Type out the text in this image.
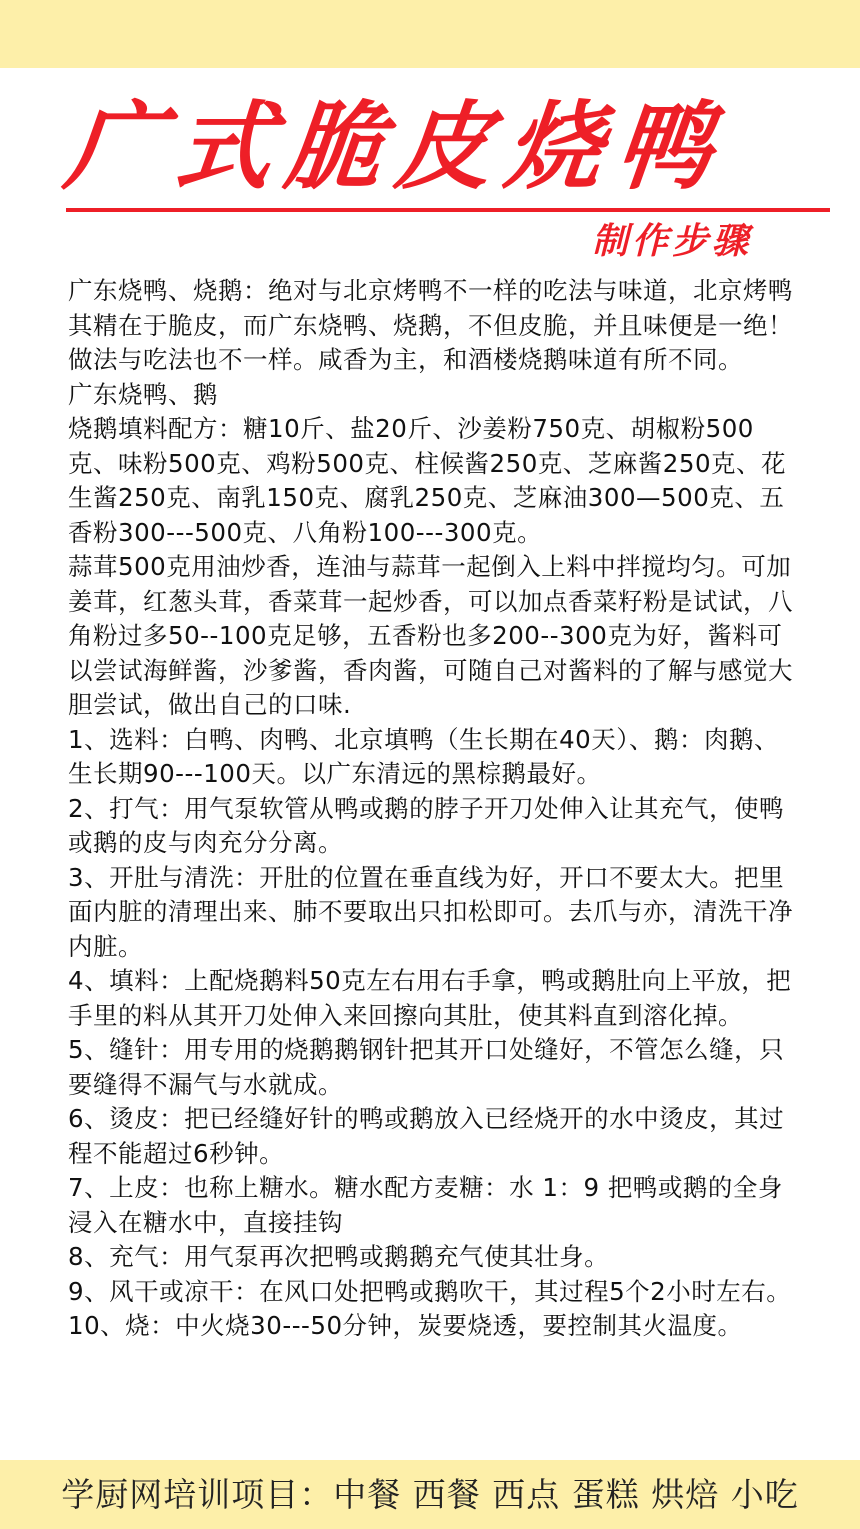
广式脆皮烧鸭
制作步骤

广东烧鸭、烧鹅：绝对与北京烤鸭不一样的吃法与味道，北京烤鸭其精在于脆皮，而广东烧鸭、烧鹅，不但皮脆，并且味便是一绝！做法与吃法也不一样。咸香为主，和酒楼烧鹅味道有所不同。

广东烧鸭、鹅

烧鹅填料配方：糖10斤、盐20斤、沙姜粉750克、胡椒粉500克、味粉500克、鸡粉500克、柱候酱250克、芝麻酱250克、花生酱250克、南乳150克、腐乳250克、芝麻油300—500克、五香粉300---500克、八角粉100---300克。

蒜茸500克用油炒香，连油与蒜茸一起倒入上料中拌搅均匀。可加姜茸，红葱头茸，香菜茸一起炒香，可以加点香菜籽粉是试试，八角粉过多50--100克足够，五香粉也多200--300克为好，酱料可以尝试海鲜酱，沙爹酱，香肉酱，可随自己对酱料的了解与感觉大胆尝试，做出自己的口味.

1、选料：白鸭、肉鸭、北京填鸭（生长期在40天）、鹅：肉鹅、生长期90---100天。以广东清远的黑棕鹅最好。

2、打气：用气泵软管从鸭或鹅的脖子开刀处伸入让其充气，使鸭或鹅的皮与肉充分分离。

3、开肚与清洗：开肚的位置在垂直线为好，开口不要太大。把里面内脏的清理出来、肺不要取出只扣松即可。去爪与亦，清洗干净内脏。

4、填料：上配烧鹅料50克左右用右手拿，鸭或鹅肚向上平放，把手里的料从其开刀处伸入来回擦向其肚，使其料直到溶化掉。

5、缝针：用专用的烧鹅鹅钢针把其开口处缝好，不管怎么缝，只要缝得不漏气与水就成。

6、烫皮：把已经缝好针的鸭或鹅放入已经烧开的水中烫皮，其过程不能超过6秒钟。

7、上皮：也称上糖水。糖水配方麦糖：水 1：9 把鸭或鹅的全身浸入在糖水中，直接挂钩

8、充气：用气泵再次把鸭或鹅鹅充气使其壮身。

9、风干或凉干：在风口处把鸭或鹅吹干，其过程5个2小时左右。

10、烧：中火烧30---50分钟，炭要烧透，要控制其火温度。

学厨网培训项目：中餐 西餐 西点 蛋糕 烘焙 小吃
